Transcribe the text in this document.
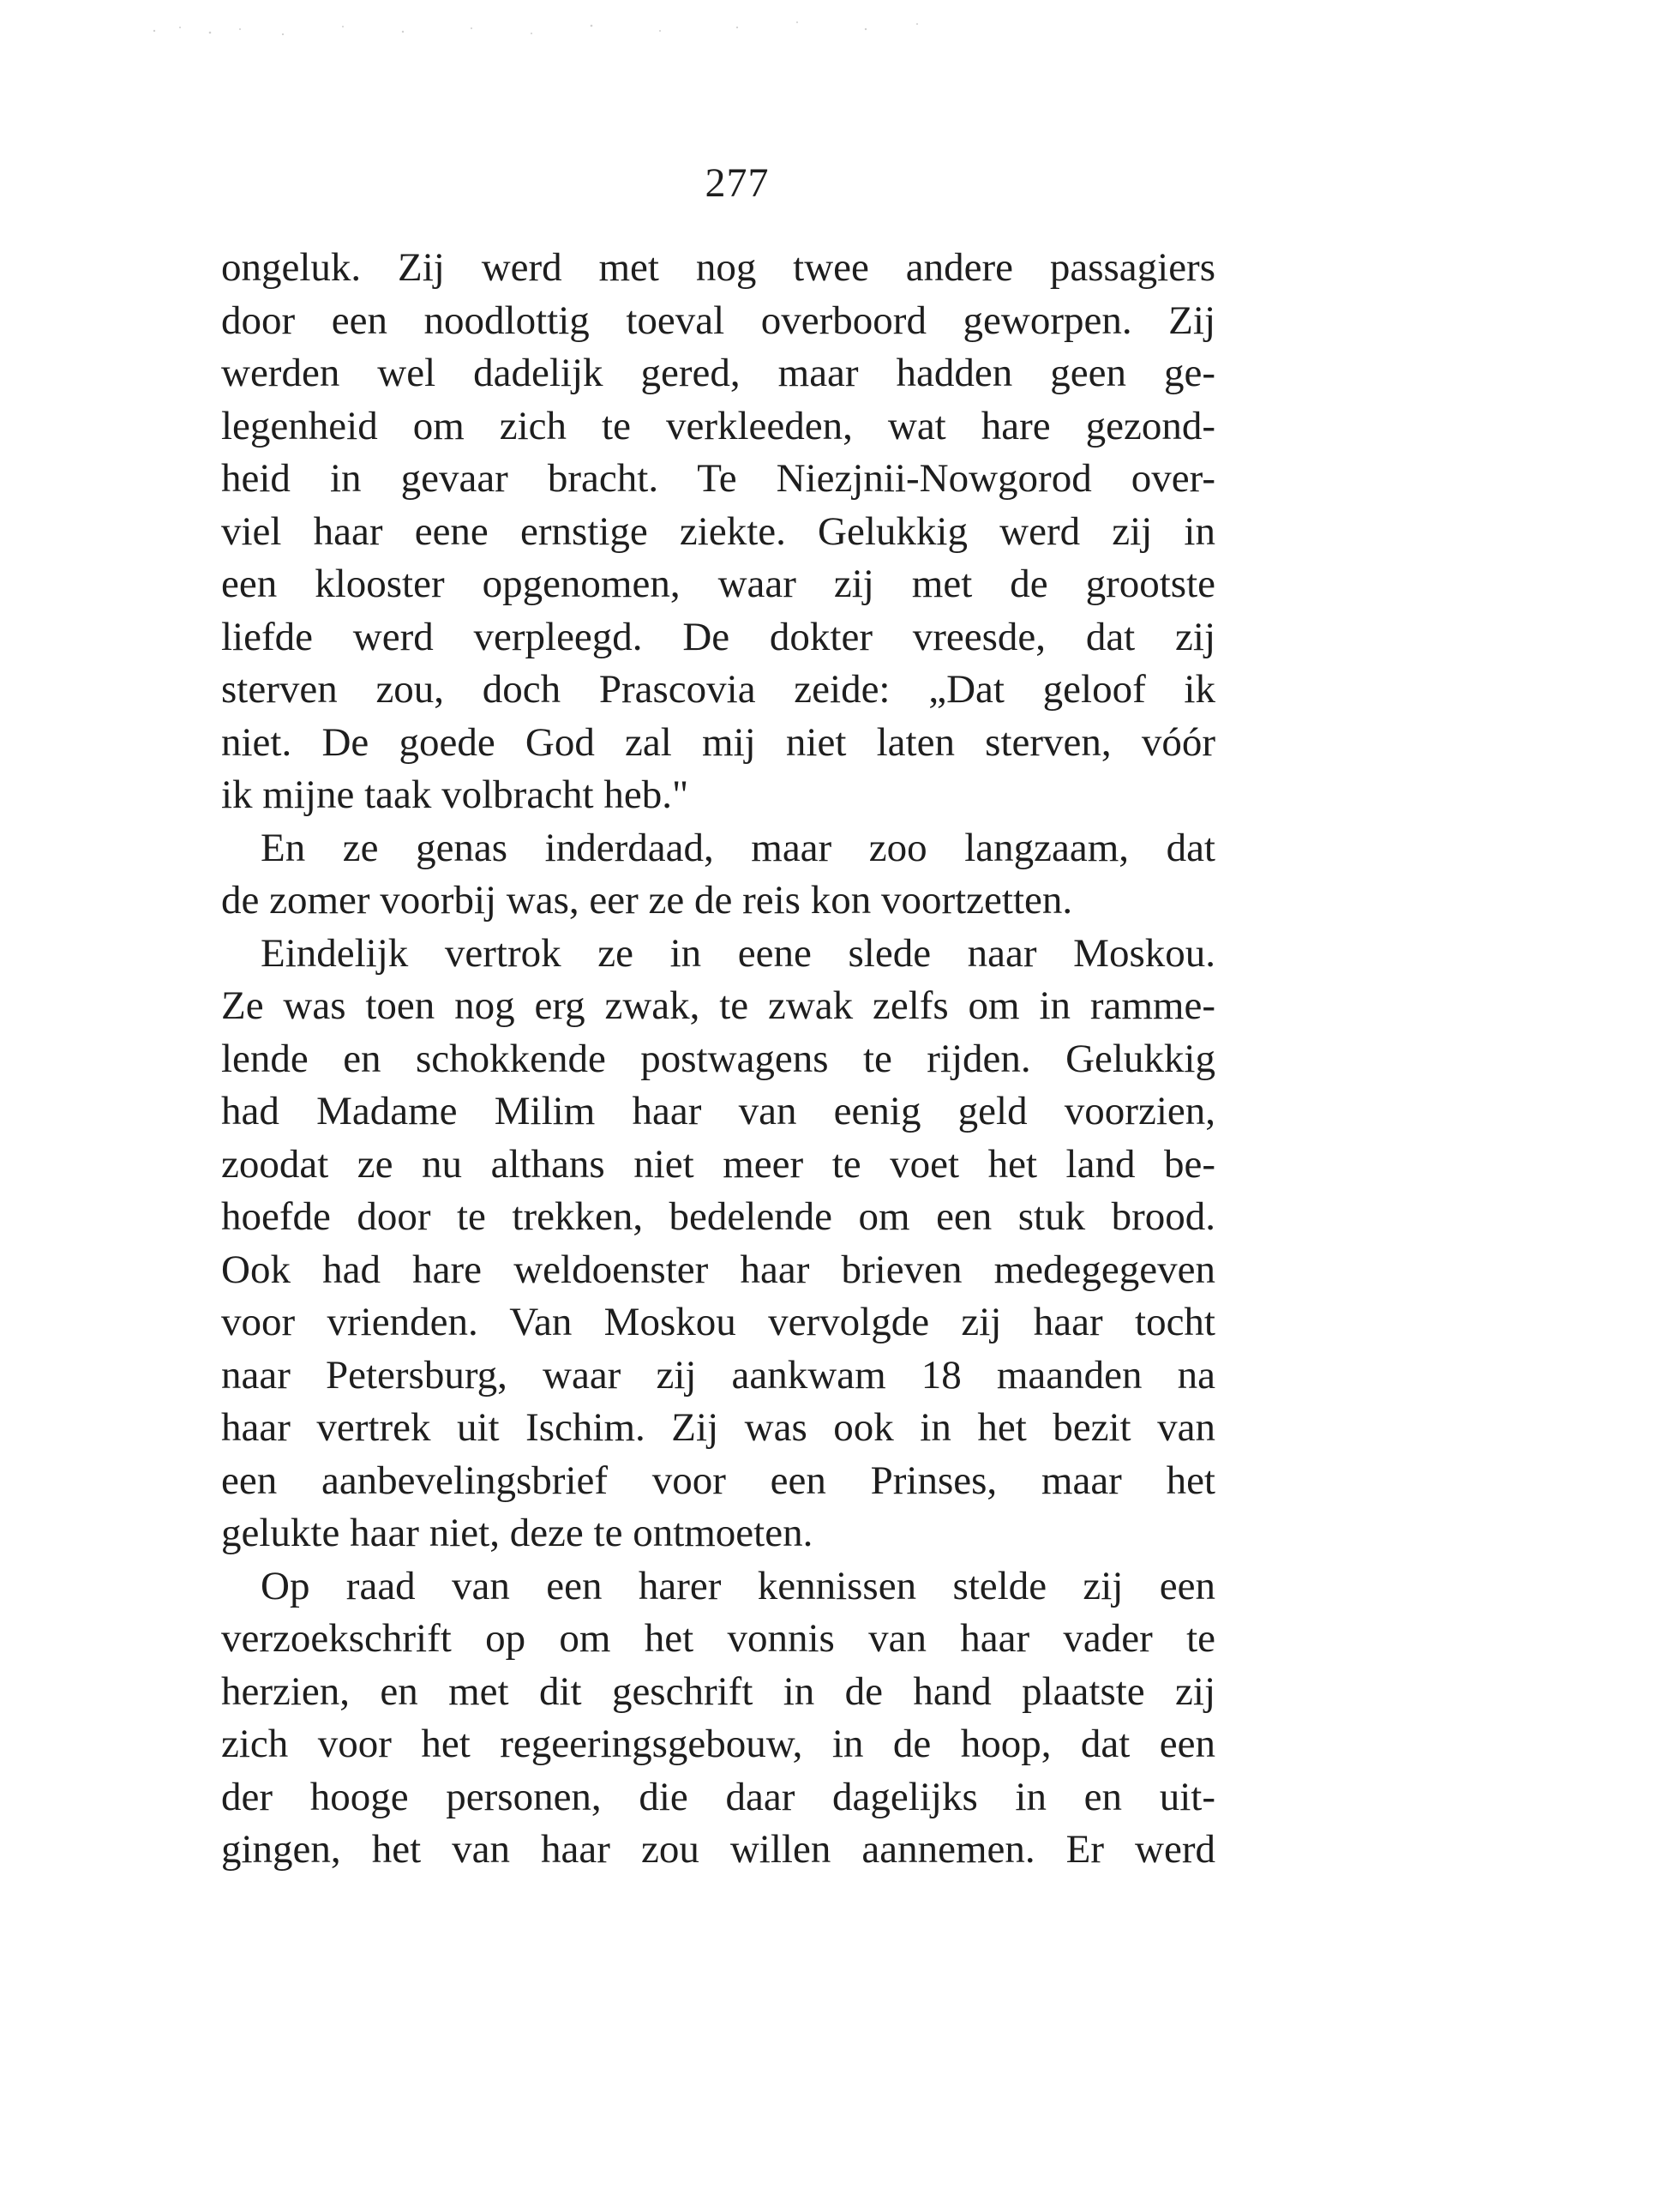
277
ongeluk. Zij werd met nog twee andere passagiers
door een noodlottig toeval overboord geworpen. Zij
werden wel dadelijk gered, maar hadden geen ge-
legenheid om zich te verkleeden, wat hare gezond-
heid in gevaar bracht. Te Niezjnii-Nowgorod over-
viel haar eene ernstige ziekte. Gelukkig werd zij in
een klooster opgenomen, waar zij met de grootste
liefde werd verpleegd. De dokter vreesde, dat zij
sterven zou, doch Prascovia zeide: „Dat geloof ik
niet. De goede God zal mij niet laten sterven, vóór
ik mijne taak volbracht heb."
En ze genas inderdaad, maar zoo langzaam, dat
de zomer voorbij was, eer ze de reis kon voortzetten.
Eindelijk vertrok ze in eene slede naar Moskou.
Ze was toen nog erg zwak, te zwak zelfs om in ramme-
lende en schokkende postwagens te rijden. Gelukkig
had Madame Milim haar van eenig geld voorzien,
zoodat ze nu althans niet meer te voet het land be-
hoefde door te trekken, bedelende om een stuk brood.
Ook had hare weldoenster haar brieven medegegeven
voor vrienden. Van Moskou vervolgde zij haar tocht
naar Petersburg, waar zij aankwam 18 maanden na
haar vertrek uit Ischim. Zij was ook in het bezit van
een aanbevelingsbrief voor een Prinses, maar het
gelukte haar niet, deze te ontmoeten.
Op raad van een harer kennissen stelde zij een
verzoekschrift op om het vonnis van haar vader te
herzien, en met dit geschrift in de hand plaatste zij
zich voor het regeeringsgebouw, in de hoop, dat een
der hooge personen, die daar dagelijks in en uit-
gingen, het van haar zou willen aannemen. Er werd
